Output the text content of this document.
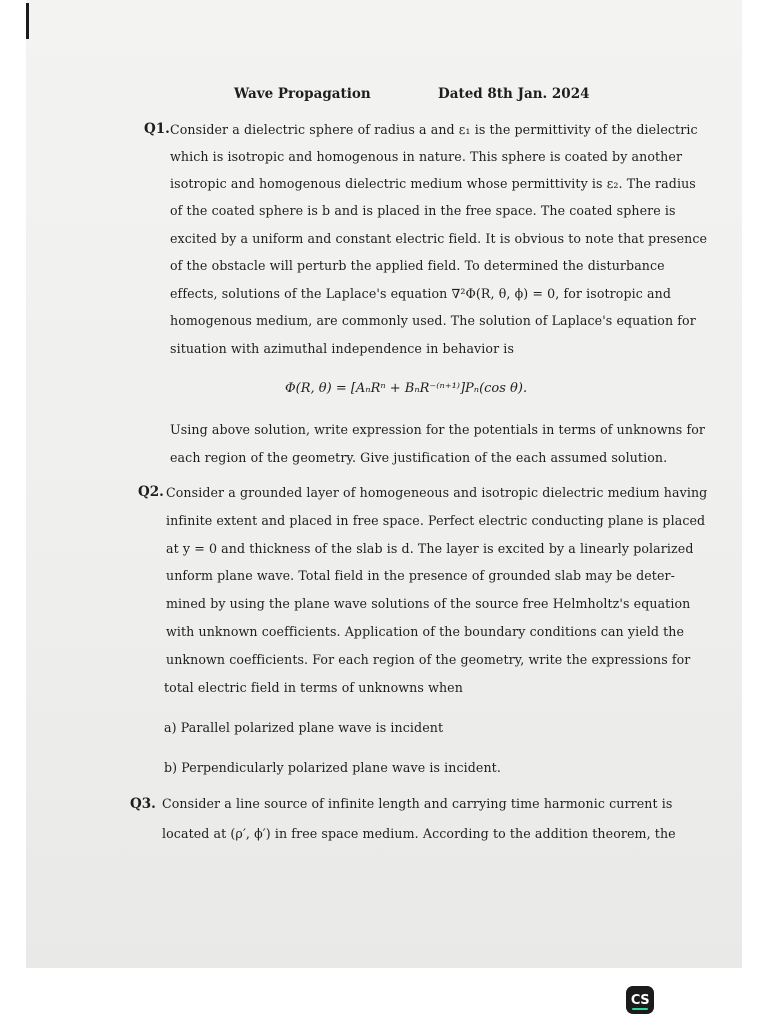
Wave Propagation	Dated 8th Jan. 2024
Q1. Consider a dielectric sphere of radius a and ε₁ is the permittivity of the dielectric
which is isotropic and homogenous in nature. This sphere is coated by another
isotropic and homogenous dielectric medium whose permittivity is ε₂. The radius
of the coated sphere is b and is placed in the free space. The coated sphere is
excited by a uniform and constant electric field. It is obvious to note that presence
of the obstacle will perturb the applied field. To determined the disturbance
effects, solutions of the Laplace's equation ∇²Φ(R, θ, ϕ) = 0, for isotropic and
homogenous medium, are commonly used. The solution of Laplace's equation for
situation with azimuthal independence in behavior is
Φ(R, θ) = [AₙRⁿ + BₙR⁻⁽ⁿ⁺¹⁾]Pₙ(cos θ).
Using above solution, write expression for the potentials in terms of unknowns for
each region of the geometry. Give justification of the each assumed solution.
Q2. Consider a grounded layer of homogeneous and isotropic dielectric medium having
infinite extent and placed in free space. Perfect electric conducting plane is placed
at y = 0 and thickness of the slab is d. The layer is excited by a linearly polarized
unform plane wave. Total field in the presence of grounded slab may be deter-
mined by using the plane wave solutions of the source free Helmholtz's equation
with unknown coefficients. Application of the boundary conditions can yield the
unknown coefficients. For each region of the geometry, write the expressions for
total electric field in terms of unknowns when
a) Parallel polarized plane wave is incident
b) Perpendicularly polarized plane wave is incident.
Q3. Consider a line source of infinite length and carrying time harmonic current is
located at (ρ′, ϕ′) in free space medium. According to the addition theorem, the
CS
